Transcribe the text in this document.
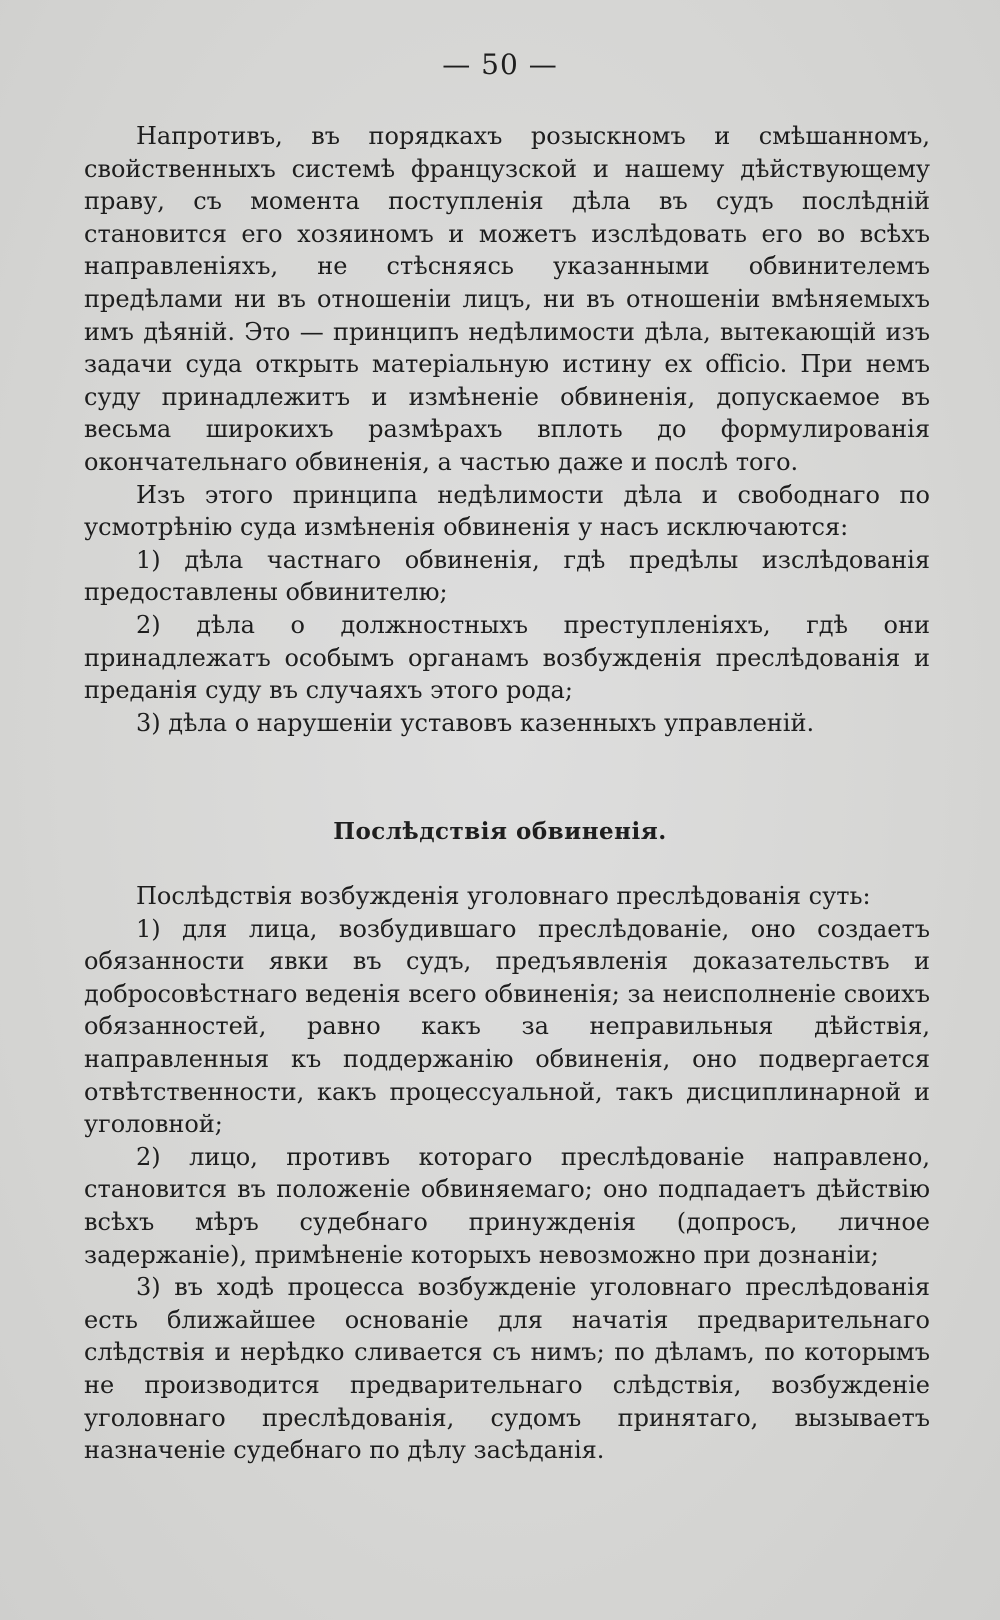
— 50 —

Напротивъ, въ порядкахъ розыскномъ и смѣшанномъ, свойственныхъ системѣ французской и нашему дѣйствующему праву, съ момента поступленія дѣла въ судъ послѣдній становится его хозяиномъ и можетъ изслѣдовать его во всѣхъ направленіяхъ, не стѣсняясь указанными обвинителемъ предѣлами ни въ отношеніи лицъ, ни въ отношеніи вмѣняемыхъ имъ дѣяній. Это — принципъ недѣлимости дѣла, вытекающій изъ задачи суда открыть матеріальную истину ex officio. При немъ суду принадлежитъ и измѣненіе обвиненія, допускаемое въ весьма широкихъ размѣрахъ вплоть до формулированія окончательнаго обвиненія, а частью даже и послѣ того.

Изъ этого принципа недѣлимости дѣла и свободнаго по усмотрѣнію суда измѣненія обвиненія у насъ исключаются:

1) дѣла частнаго обвиненія, гдѣ предѣлы изслѣдованія предоставлены обвинителю;

2) дѣла о должностныхъ преступленіяхъ, гдѣ они принадлежатъ особымъ органамъ возбужденія преслѣдованія и преданія суду въ случаяхъ этого рода;

3) дѣла о нарушеніи уставовъ казенныхъ управленій.

Послѣдствія обвиненія.

Послѣдствія возбужденія уголовнаго преслѣдованія суть:

1) для лица, возбудившаго преслѣдованіе, оно создаетъ обязанности явки въ судъ, предъявленія доказательствъ и добросовѣстнаго веденія всего обвиненія; за неисполненіе своихъ обязанностей, равно какъ за неправильныя дѣйствія, направленныя къ поддержанію обвиненія, оно подвергается отвѣтственности, какъ процессуальной, такъ дисциплинарной и уголовной;

2) лицо, противъ котораго преслѣдованіе направлено, становится въ положеніе обвиняемаго; оно подпадаетъ дѣйствію всѣхъ мѣръ судебнаго принужденія (допросъ, личное задержаніе), примѣненіе которыхъ невозможно при дознаніи;

3) въ ходѣ процесса возбужденіе уголовнаго преслѣдованія есть ближайшее основаніе для начатія предварительнаго слѣдствія и нерѣдко сливается съ нимъ; по дѣламъ, по которымъ не производится предварительнаго слѣдствія, возбужденіе уголовнаго преслѣдованія, судомъ принятаго, вызываетъ назначеніе судебнаго по дѣлу засѣданія.
